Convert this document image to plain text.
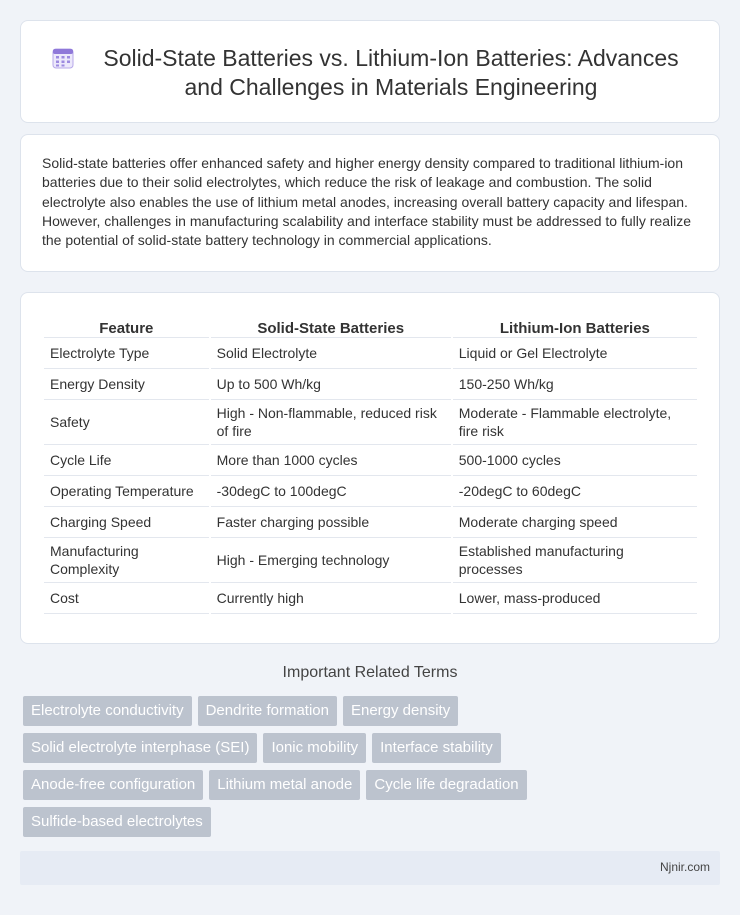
Solid-State Batteries vs. Lithium-Ion Batteries: Advances and Challenges in Materials Engineering

Solid-state batteries offer enhanced safety and higher energy density compared to traditional lithium-ion batteries due to their solid electrolytes, which reduce the risk of leakage and combustion. The solid electrolyte also enables the use of lithium metal anodes, increasing overall battery capacity and lifespan. However, challenges in manufacturing scalability and interface stability must be addressed to fully realize the potential of solid-state battery technology in commercial applications.

Feature	Solid-State Batteries	Lithium-Ion Batteries
Electrolyte Type	Solid Electrolyte	Liquid or Gel Electrolyte
Energy Density	Up to 500 Wh/kg	150-250 Wh/kg
Safety	High - Non-flammable, reduced risk of fire	Moderate - Flammable electrolyte, fire risk
Cycle Life	More than 1000 cycles	500-1000 cycles
Operating Temperature	-30degC to 100degC	-20degC to 60degC
Charging Speed	Faster charging possible	Moderate charging speed
Manufacturing Complexity	High - Emerging technology	Established manufacturing processes
Cost	Currently high	Lower, mass-produced
Important Related Terms
Electrolyte conductivity	Dendrite formation	Energy density
Solid electrolyte interphase (SEI)	Ionic mobility	Interface stability
Anode-free configuration	Lithium metal anode	Cycle life degradation
Sulfide-based electrolytes
Njnir.com
